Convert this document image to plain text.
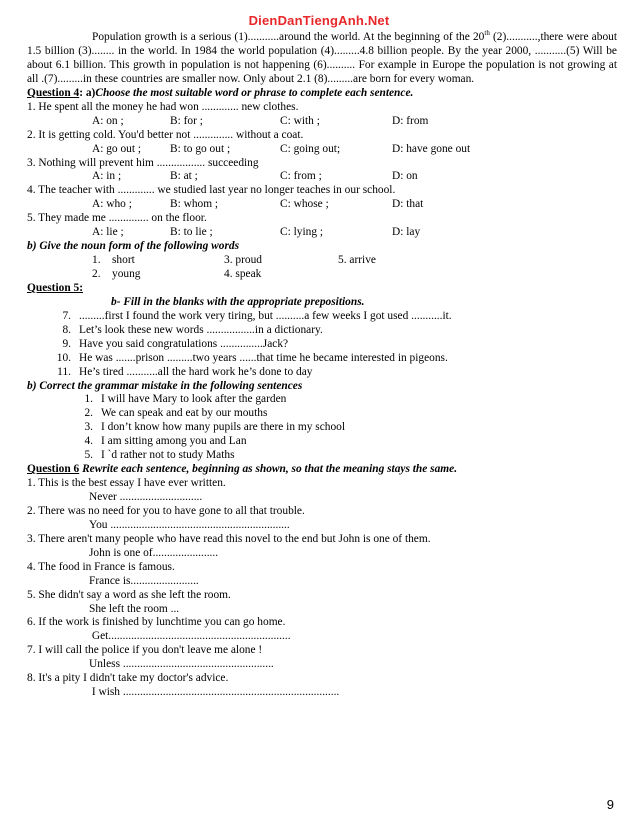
DienDanTiengAnh.Net
Population growth is a serious (1)...........around the world. At the beginning of the 20th (2)...........,there were about 1.5 billion (3)........ in the world. In 1984 the world population (4).........4.8 billion people. By the year 2000, ...........(5) Will be about 6.1 billion. This growth in population is not happening (6).......... For example in Europe the population is not growing at all .(7).........in these countries are smaller now. Only about 2.1 (8).........are born for every woman.
Question 4: a)Choose the most suitable word or phrase to complete each sentence.
1. He spent all the money he had won ............. new clothes.
A: on ;	B: for ;	C: with ;	D: from
2. It is getting cold. You'd better not .............. without a coat.
A: go out ;	B: to go out ;	C: going out;	D: have gone out
3. Nothing will prevent him ................. succeeding
A: in ;	B: at ;	C: from ;	D: on
4. The teacher with ............. we studied last year no longer teaches in our school.
A: who ;	B: whom ;	C: whose ;	D: that
5. They made me .............. on the floor.
A: lie ;	B: to lie ;	C: lying ;	D: lay
b) Give the noun form of the following words
1. short	3. proud	5. arrive
2. young	4. speak
Question 5:
b- Fill in the blanks with the appropriate prepositions.
7. .........first I found the work very tiring, but ..........a few weeks I got used ...........it.
8. Let’s look these new words .................in a dictionary.
9. Have you said congratulations ...............Jack?
10. He was .......prison .........two years ......that time he became interested in pigeons.
11. He’s tired ...........all the hard work he’s done to day
b) Correct the grammar mistake in the following sentences
1. I will have Mary to look after the garden
2. We can speak and eat by our mouths
3. I don’t know how many pupils are there in my school
4. I am sitting among you and Lan
5. I `d rather not to study Maths
Question 6 Rewrite each sentence, beginning as shown, so that the meaning stays the same.
1. This is the best essay I have ever written.
Never .............................
2. There was no need for you to have gone to all that trouble.
You ...............................................................
3. There aren't many people who have read this novel to the end but John is one of them.
John is one of.......................
4. The food in France is famous.
France is........................
5. She didn't say a word as she left the room.
She left the room ...
6. If the work is finished by lunchtime you can go home.
Get................................................................
7. I will call the police if you don't leave me alone !
Unless .....................................................
8. It's a pity I didn't take my doctor's advice.
I wish ............................................................................
9
